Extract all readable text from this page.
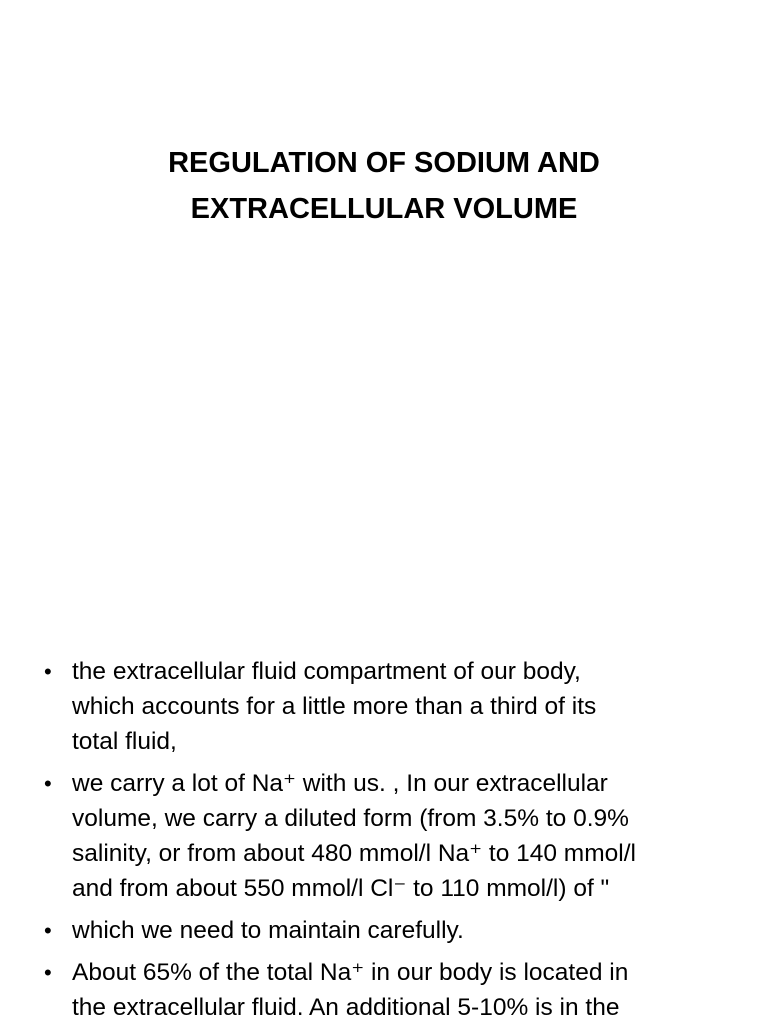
REGULATION OF SODIUM AND
EXTRACELLULAR VOLUME
• the extracellular fluid compartment of our body,
which accounts for a little more than a third of its
total fluid,
• we carry a lot of Na⁺ with us. , In our extracellular
volume, we carry a diluted form (from 3.5% to 0.9%
salinity, or from about 480 mmol/l Na⁺ to 140 mmol/l
and from about 550 mmol/l Cl⁻ to 110 mmol/l) of "
• which we need to maintain carefully.
• About 65% of the total Na⁺ in our body is located in
the extracellular fluid. An additional 5-10% is in the
